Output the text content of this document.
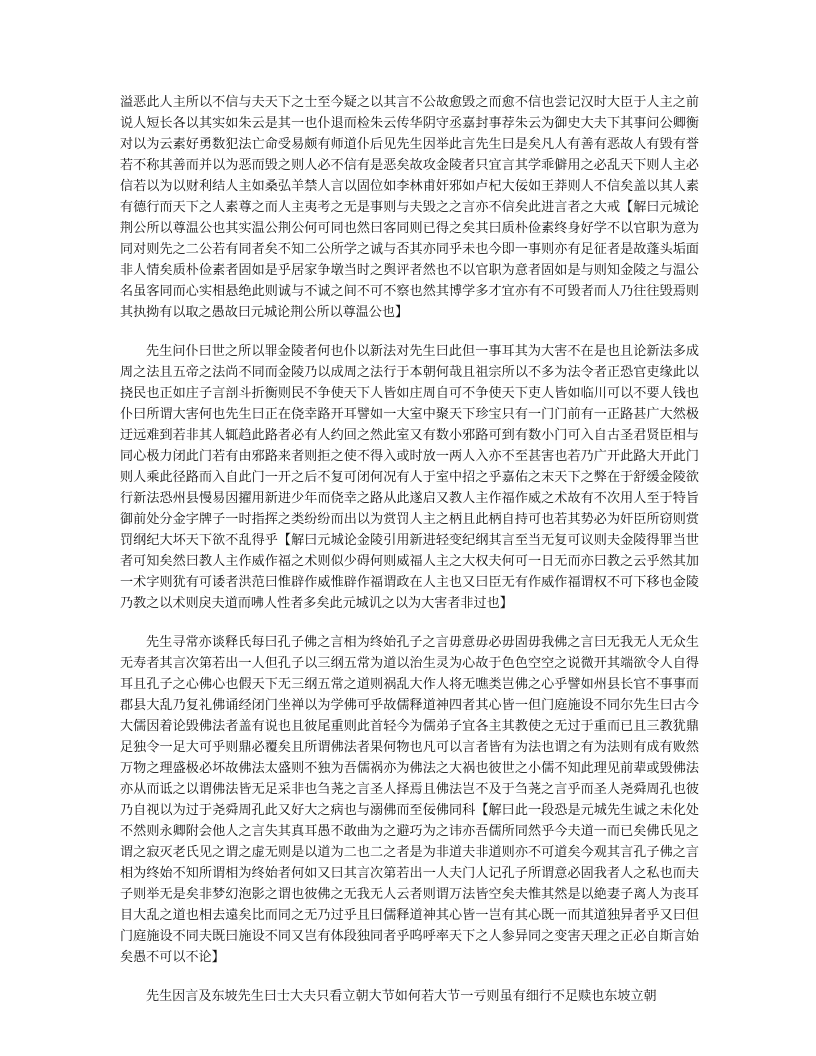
溢恶此人主所以不信与夫天下之士至今疑之以其言不公故愈毁之而愈不信也尝记汉时大臣于人主之前说人短长各以其实如朱云是其一也仆退而检朱云传华阴守丞嘉封事荐朱云为御史大夫下其事问公卿衡对以为云素好勇数犯法亡命受易颇有师道仆后见先生因举此言先生曰是矣凡人有善有恶故人有毁有誉若不称其善而并以为恶而毁之则人必不信有是恶矣故攻金陵者只宜言其学乖僻用之必乱天下则人主必信若以为以财利结人主如桑弘羊禁人言以固位如李林甫奸邪如卢杞大佞如王莽则人不信矣盖以其人素有德行而天下之人素尊之而人主夷考之无是事则与夫毁之之言亦不信矣此进言者之大戒【解曰元城论荆公所以尊温公也其实温公荆公何可同也然曰客同则已得之矣其曰质朴俭素终身好学不以官职为意为同对则先之二公若有同者矣不知二公所学之诚与否其亦同乎未也今即一事则亦有足征者是故蓬头垢面非人情矣质朴俭素者固如是乎居家争墩当时之舆评者然也不以官职为意者固如是与则知金陵之与温公名虽客同而心实相悬绝此则诚与不诚之间不可不察也然其博学多才宜亦有不可毁者而人乃往往毁焉则其执拗有以取之愚故曰元城论荆公所以尊温公也】

先生问仆曰世之所以罪金陵者何也仆以新法对先生曰此但一事耳其为大害不在是也且论新法多成周之法且五帝之法尚不同而金陵乃以成周之法行于本朝何哉且祖宗所以不多为法令者正恐官吏缘此以挠民也正如庄子言剖斗折衡则民不争使天下人皆如庄周自可不争使天下吏人皆如临川可以不要人钱也仆曰所谓大害何也先生曰正在侥幸路开耳譬如一大室中聚天下珍宝只有一门门前有一正路甚广大然极迂远难到若非其人辄趋此路者必有人约回之然此室又有数小邪路可到有数小门可入自古圣君贤臣相与同心极力闭此门若有由邪路来者则拒之使不得入或时放一两人入亦不至甚害也若乃广开此路大开此门则人乘此径路而入自此门一开之后不复可闭何况有人于室中招之乎嘉佑之末天下之弊在于舒缓金陵欲行新法恐州县慢易因擢用新进少年而侥幸之路从此遂启又教人主作福作威之术故有不次用人至于特旨御前处分金字牌子一时指挥之类纷纷而出以为赏罚人主之柄且此柄自持可也若其势必为奸臣所窃则赏罚纲纪大坏天下欲不乱得乎【解曰元城论金陵引用新进轻变纪纲其言至当无复可议则夫金陵得罪当世者可知矣然曰教人主作威作福之术则似少碍何则威福人主之大权夫何可一日无而亦曰教之云乎然其加一术字则犹有可诿者洪范曰惟辟作威惟辟作福谓政在人主也又曰臣无有作威作福谓权不可下移也金陵乃教之以术则戾夫道而咈人性者多矣此元城讥之以为大害者非过也】

先生寻常亦谈释氏每曰孔子佛之言相为终始孔子之言毋意毋必毋固毋我佛之言曰无我无人无众生无寿者其言次第若出一人但孔子以三纲五常为道以治生灵为心故于色色空空之说微开其端欲令人自得耳且孔子之心佛心也假天下无三纲五常之道则祸乱大作人将无噍类岂佛之心乎譬如州县长官不事事而郡县大乱乃复礼佛诵经闭门坐禅以为学佛可乎故儒释道神四者其心皆一但门庭施设不同尔先生曰古今大儒因着论毁佛法者盖有说也且彼尾重则此首轻今为儒弟子宜各主其教使之无过于重而已且三教犹鼎足独令一足大可乎则鼎必覆矣且所谓佛法者果何物也凡可以言者皆有为法也谓之有为法则有成有败然万物之理盛极必坏故佛法太盛则不独为吾儒祸亦为佛法之大祸也彼世之小儒不知此理见前辈或毁佛法亦从而诋之以谓佛法皆无足采非也刍荛之言圣人择焉且佛法岂不及于刍荛之言乎而圣人尧舜周孔也彼乃自视以为过于尧舜周孔此又好大之病也与溺佛而至佞佛同科【解曰此一段恐是元城先生诚之未化处不然则永卿附会他人之言失其真耳愚不敢曲为之避巧为之讳亦吾儒所同然乎今夫道一而已矣佛氏见之谓之寂灭老氏见之谓之虚无则是以道为二也二之者是为非道夫非道则亦不可道矣今观其言孔子佛之言相为终始不知所谓相为终始者何如又曰其言次第若出一人夫门人记孔子所谓意必固我者人之私也而夫子则举无是矣非梦幻泡影之谓也彼佛之无我无人云者则谓万法皆空矣夫惟其然是以絶妻子离人为丧耳目大乱之道也相去遠矣比而同之无乃过乎且曰儒释道神其心皆一岂有其心既一而其道独异者乎又曰但门庭施设不同夫既曰施设不同又岂有体段独同者乎呜呼率天下之人参异同之变害天理之正必自斯言始矣愚不可以不论】

先生因言及东坡先生曰士大夫只看立朝大节如何若大节一亏则虽有细行不足赎也东坡立朝
